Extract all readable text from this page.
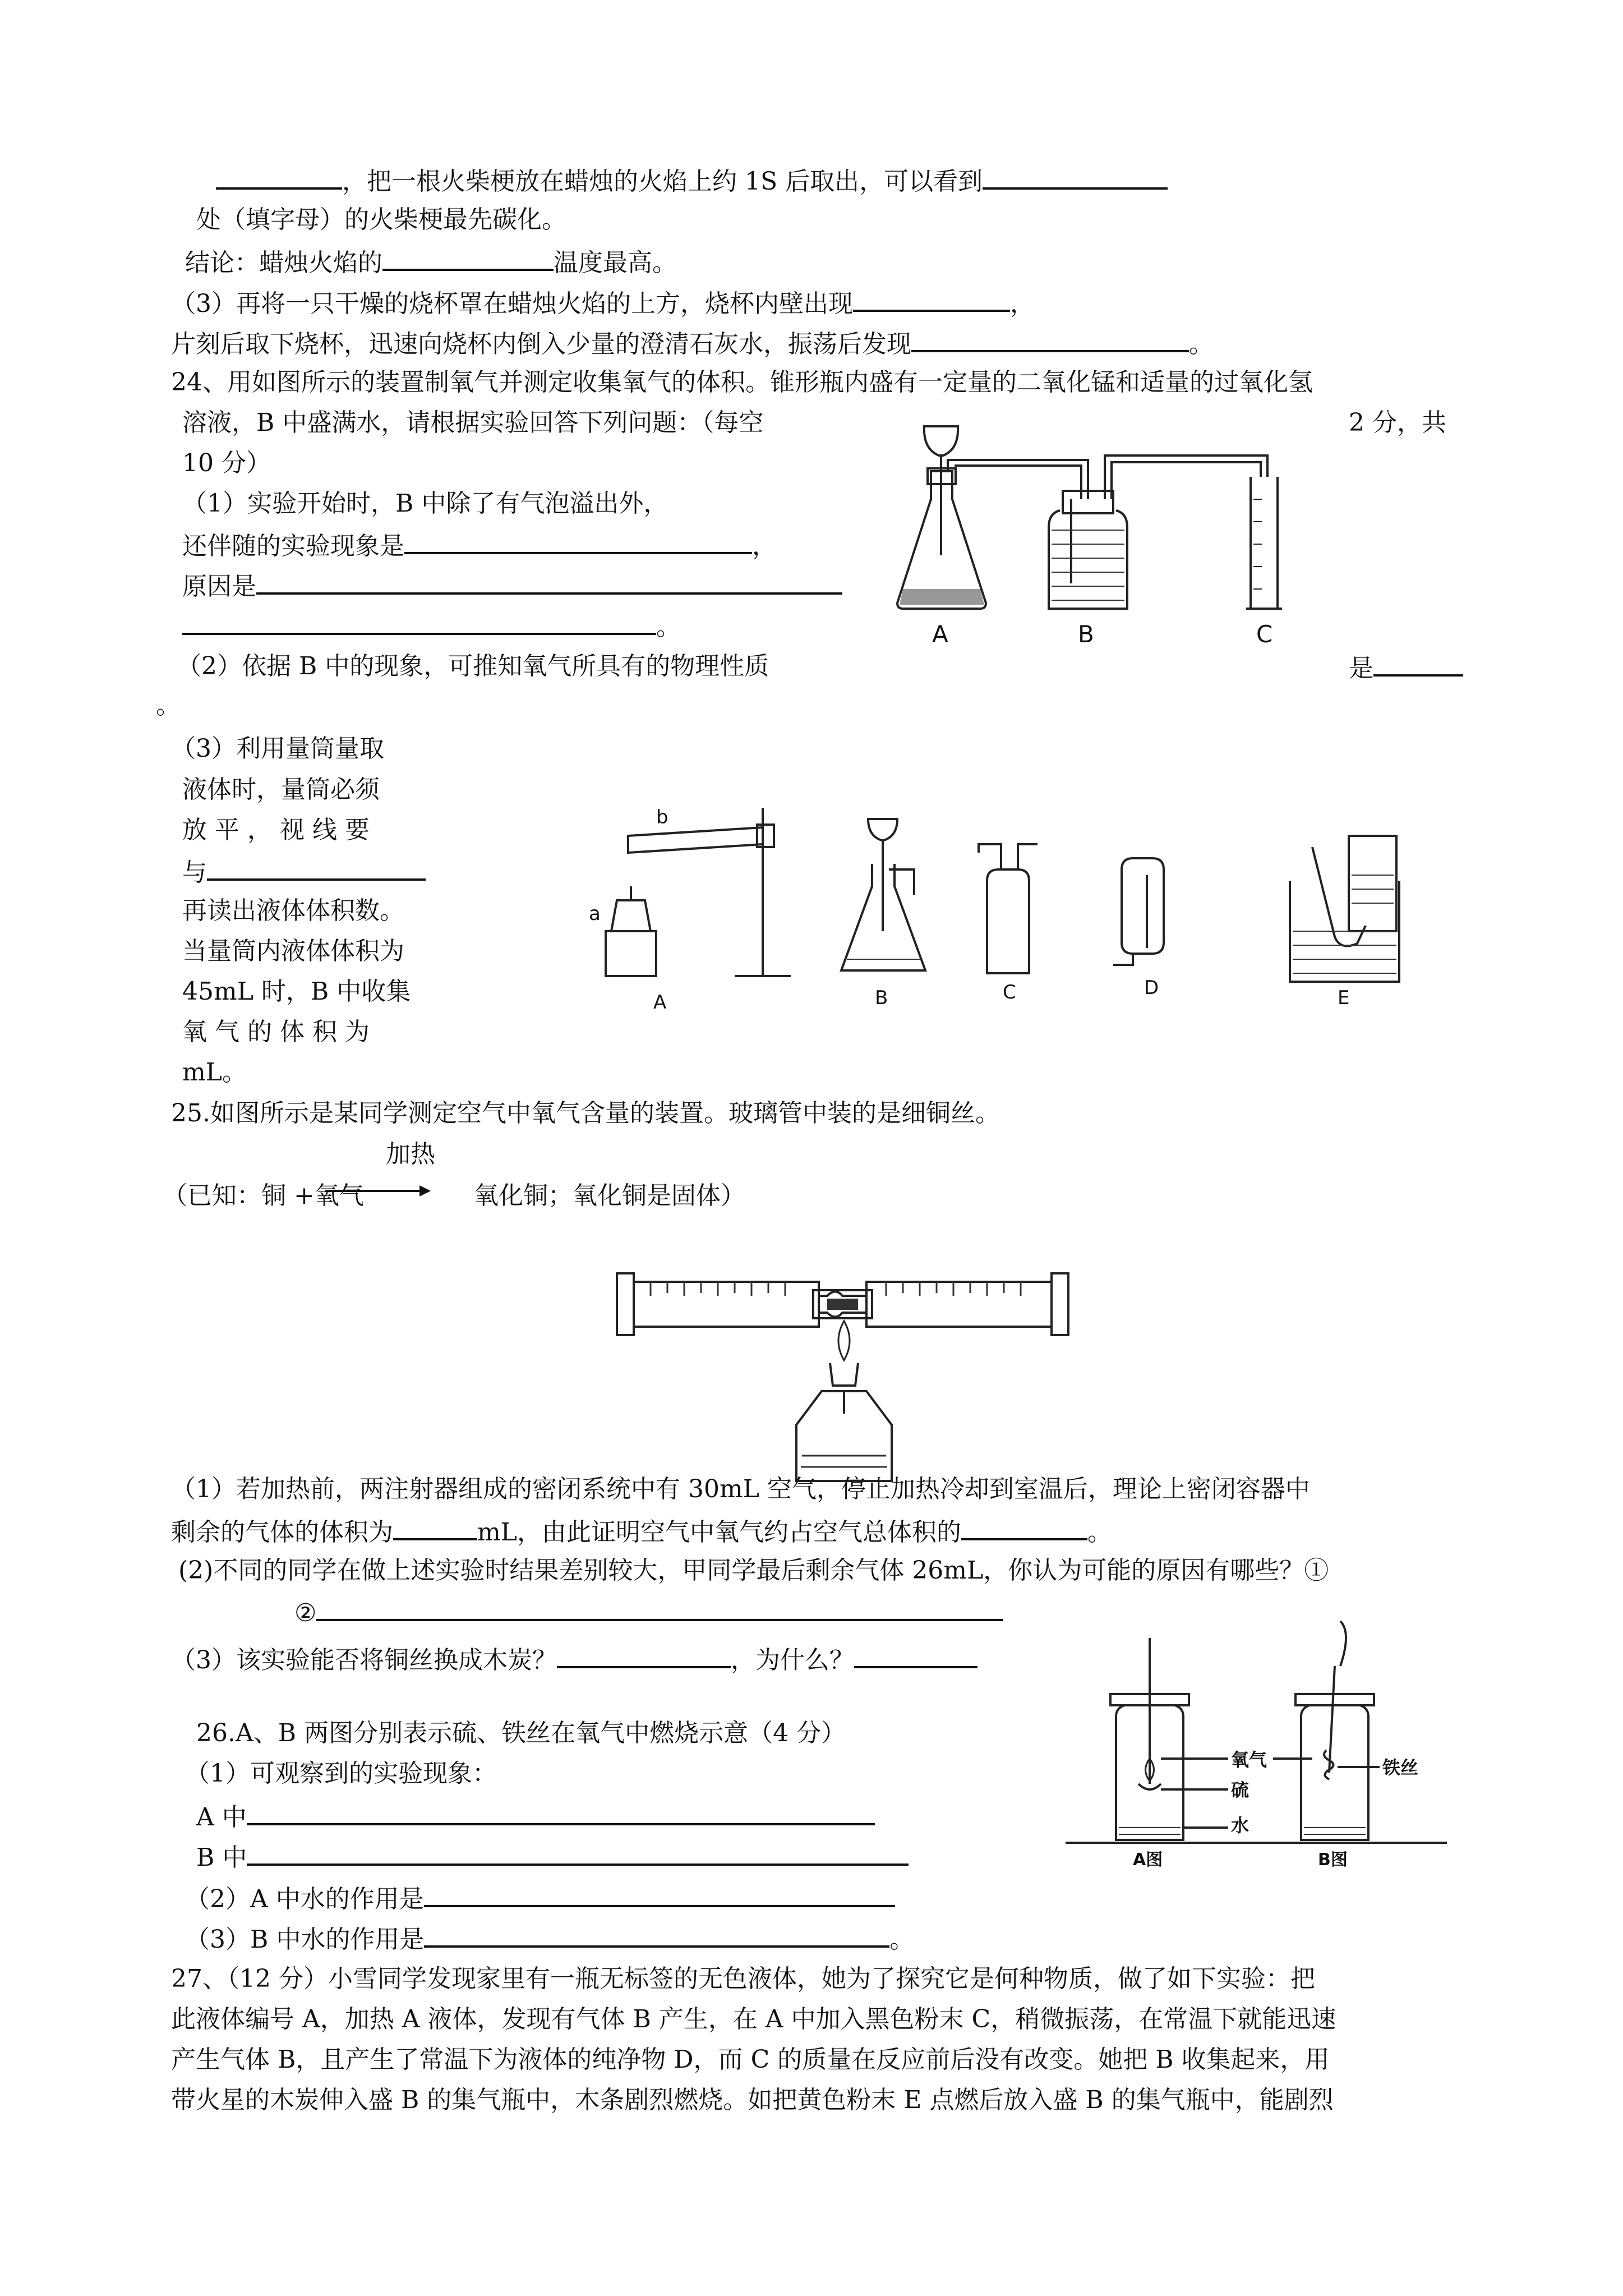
，把一根火柴梗放在蜡烛的火焰上约 1S 后取出，可以看到
处（填字母）的火柴梗最先碳化。
结论：蜡烛火焰的	温度最高。
（3）再将一只干燥的烧杯罩在蜡烛火焰的上方，烧杯内壁出现	，
片刻后取下烧杯，迅速向烧杯内倒入少量的澄清石灰水，振荡后发现	。
24、用如图所示的装置制氧气并测定收集氧气的体积。锥形瓶内盛有一定量的二氧化锰和适量的过氧化氢
溶液，B 中盛满水，请根据实验回答下列问题：（每空	2 分，共
10 分）
（1）实验开始时，B 中除了有气泡溢出外，
还伴随的实验现象是	，
原因是
。
（2）依据 B 中的现象，可推知氧气所具有的物理性质	是
。
（3）利用量筒量取
液体时，量筒必须
放 平 ， 视 线 要
与
再读出液体体积数。
当量筒内液体体积为
45mL 时，B 中收集
氧 气 的 体 积 为
mL。
A	B	C
a
b
A	B	C	D	E
25.如图所示是某同学测定空气中氧气含量的装置。玻璃管中装的是细铜丝。
加热
（已知：铜 +氧气	氧化铜；氧化铜是固体）
（1）若加热前，两注射器组成的密闭系统中有 30mL 空气，停止加热冷却到室温后，理论上密闭容器中
剩余的气体的体积为	mL，由此证明空气中氧气约占空气总体积的	。
(2)不同的同学在做上述实验时结果差别较大，甲同学最后剩余气体 26mL，你认为可能的原因有哪些？①
②
（3）该实验能否将铜丝换成木炭？	，为什么？
26.A、B 两图分别表示硫、铁丝在氧气中燃烧示意（4 分）
（1）可观察到的实验现象：
A 中
B 中
（2）A 中水的作用是
（3）B 中水的作用是	。
氧气
硫
水
铁丝
A图	B图
27、（12 分）小雪同学发现家里有一瓶无标签的无色液体，她为了探究它是何种物质，做了如下实验：把
此液体编号 A，加热 A 液体，发现有气体 B 产生，在 A 中加入黑色粉末 C，稍微振荡，在常温下就能迅速
产生气体 B，且产生了常温下为液体的纯净物 D，而 C 的质量在反应前后没有改变。她把 B 收集起来，用
带火星的木炭伸入盛 B 的集气瓶中，木条剧烈燃烧。如把黄色粉末 E 点燃后放入盛 B 的集气瓶中，能剧烈
